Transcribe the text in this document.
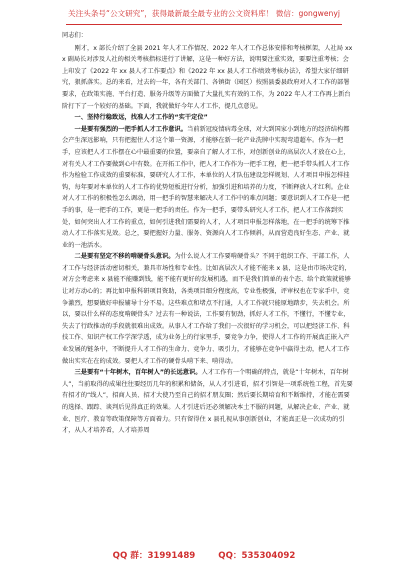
关注头条号“公文研究”，获得最新最全最专业的公文资料库！ 微信：gongwenyj

同志们：

刚才，x 部长介绍了全县 2021 年人才工作情况、2022 年人才工作总体安排和考核框架，人社局 xxx 副局长对涉及人社的相关考核指标进行了讲解，这是一种好方法，说明要注重实效，要要注重考核；会上印发了《2022 年 xx 县人才工作要点》和《2022 年 xx 县人才工作绩效考核办法》，希望大家仔细研究，狠抓落实。总的来看，过去的一年，各有关部门、各镇街（园区）按照县委县政府对人才工作的部署要求，在政策实施、平台打造、服务升级等方面做了大量扎实有效的工作，为 2022 年人才工作再上新台阶打下了一个较好的基础。下面，我就做好今年人才工作，提几点意见。

一、坚持行稳致远，找准人才工作的“实干定位”

一是要有强烈的一把手抓人才工作意识。当前新冠疫情病毒全球，对大到国家小到地方的经济结构都会产生深远影响，只有把握住人才这个第一资源，才能够在新一轮产业洗牌中实现弯道超车。作为一把手，应该把人才工作摆在心中最重要的位置，要亲自了解人才工作，对创新创业的高层次人才放在心上，对有关人才工作要做到心中有数。在开拓工作中，把人才工作作为一把手工程，把一把手带头抓人才工作作为检验工作成效的重要标准，要研究人才工作，本单位的人才队伍建设怎样规划、人才项目申报怎样挂钩，每年要对本单位的人才工作的优势短板进行分析，加强引进和培养的力度，不断释放人才红利。企业对人才工作的积极性怎么调动，用一把手的智慧来解决人才工作中的难点问题；要意识到人才工作是一把手的事，是一把手的工作，更是一把手的责任。作为一把手，要带头研究人才工作，把人才工作落到实处，如何突出人才工作的重点，如何引进我们需要的人才，人才项目申报怎样落地，在一把手的统筹下推动人才工作落实见效。总之，要把握好力量、服务、资源向人才工作倾斜，从而营造良好生态、产业、就业的一池活水。

二是要有坚定不移的啃硬骨头意识。为什么说人才工作要啃硬骨头？不同于组织工作、干部工作，人才工作与经济活动密切相关，兼具市场性和专业性。比如高层次人才能不能来 x 县，这是由市场决定的，对方会考虑来 x 县能不能赚到钱，能不能有更好的发展机遇，而不是我们简单的表个态、给个政策就能够让对方动心的；再比如申报科研项目资助，各类项目细分程度高，专业性极强，评审权也在专家手中，竞争激烈，想要做好申报辅导十分不易。这些难点和堵点不打通，人才工作就只能原地踏步，失去机会。所以，要以什么样的态度啃硬骨头？过去有一种说法，工作要有韧劲，抓好人才工作，不懂行，不懂专业，失去了行政推动的手段就很难出成效。从事人才工作给了我们一次很好的学习机会，可以把经济工作、科技工作、知识产权工作学深学透，成为业务上的行家里手，要竞争力争，使得人才工作的开展真正嵌入产业发展的链条中，不断提升人才工作的生命力、竞争力、吸引力，才能够在竞争中赢得主动，把人才工作做出实实在在的成效。要把人才工作的硬骨头啃下来、啃得动。

三是要有“十年树木，百年树人”的长远意识。人才工作有一个明确的特点，就是“十年树木，百年树人”，当前取得的成果往往要经历几年的积累和储备，从人才引进看，招才引智是一项系统性工程，首先要有招才的“线人”，招商人员、招才大使乃至自己的招才朋友圈；然后要长期培育和不断维持，才能在需要的选择、跟踪、谈判后见得真正的效果。人才引进后还必须解决本土不服的问题，从解决企业、产业、就业、医疗、教育等政策保障等方面着力。只有留得住 x 县孔视从事创新创业，才能真正是一次成功的引才，从人才培养看，人才培养周

QQ 群：31991489	QQ：535304092
